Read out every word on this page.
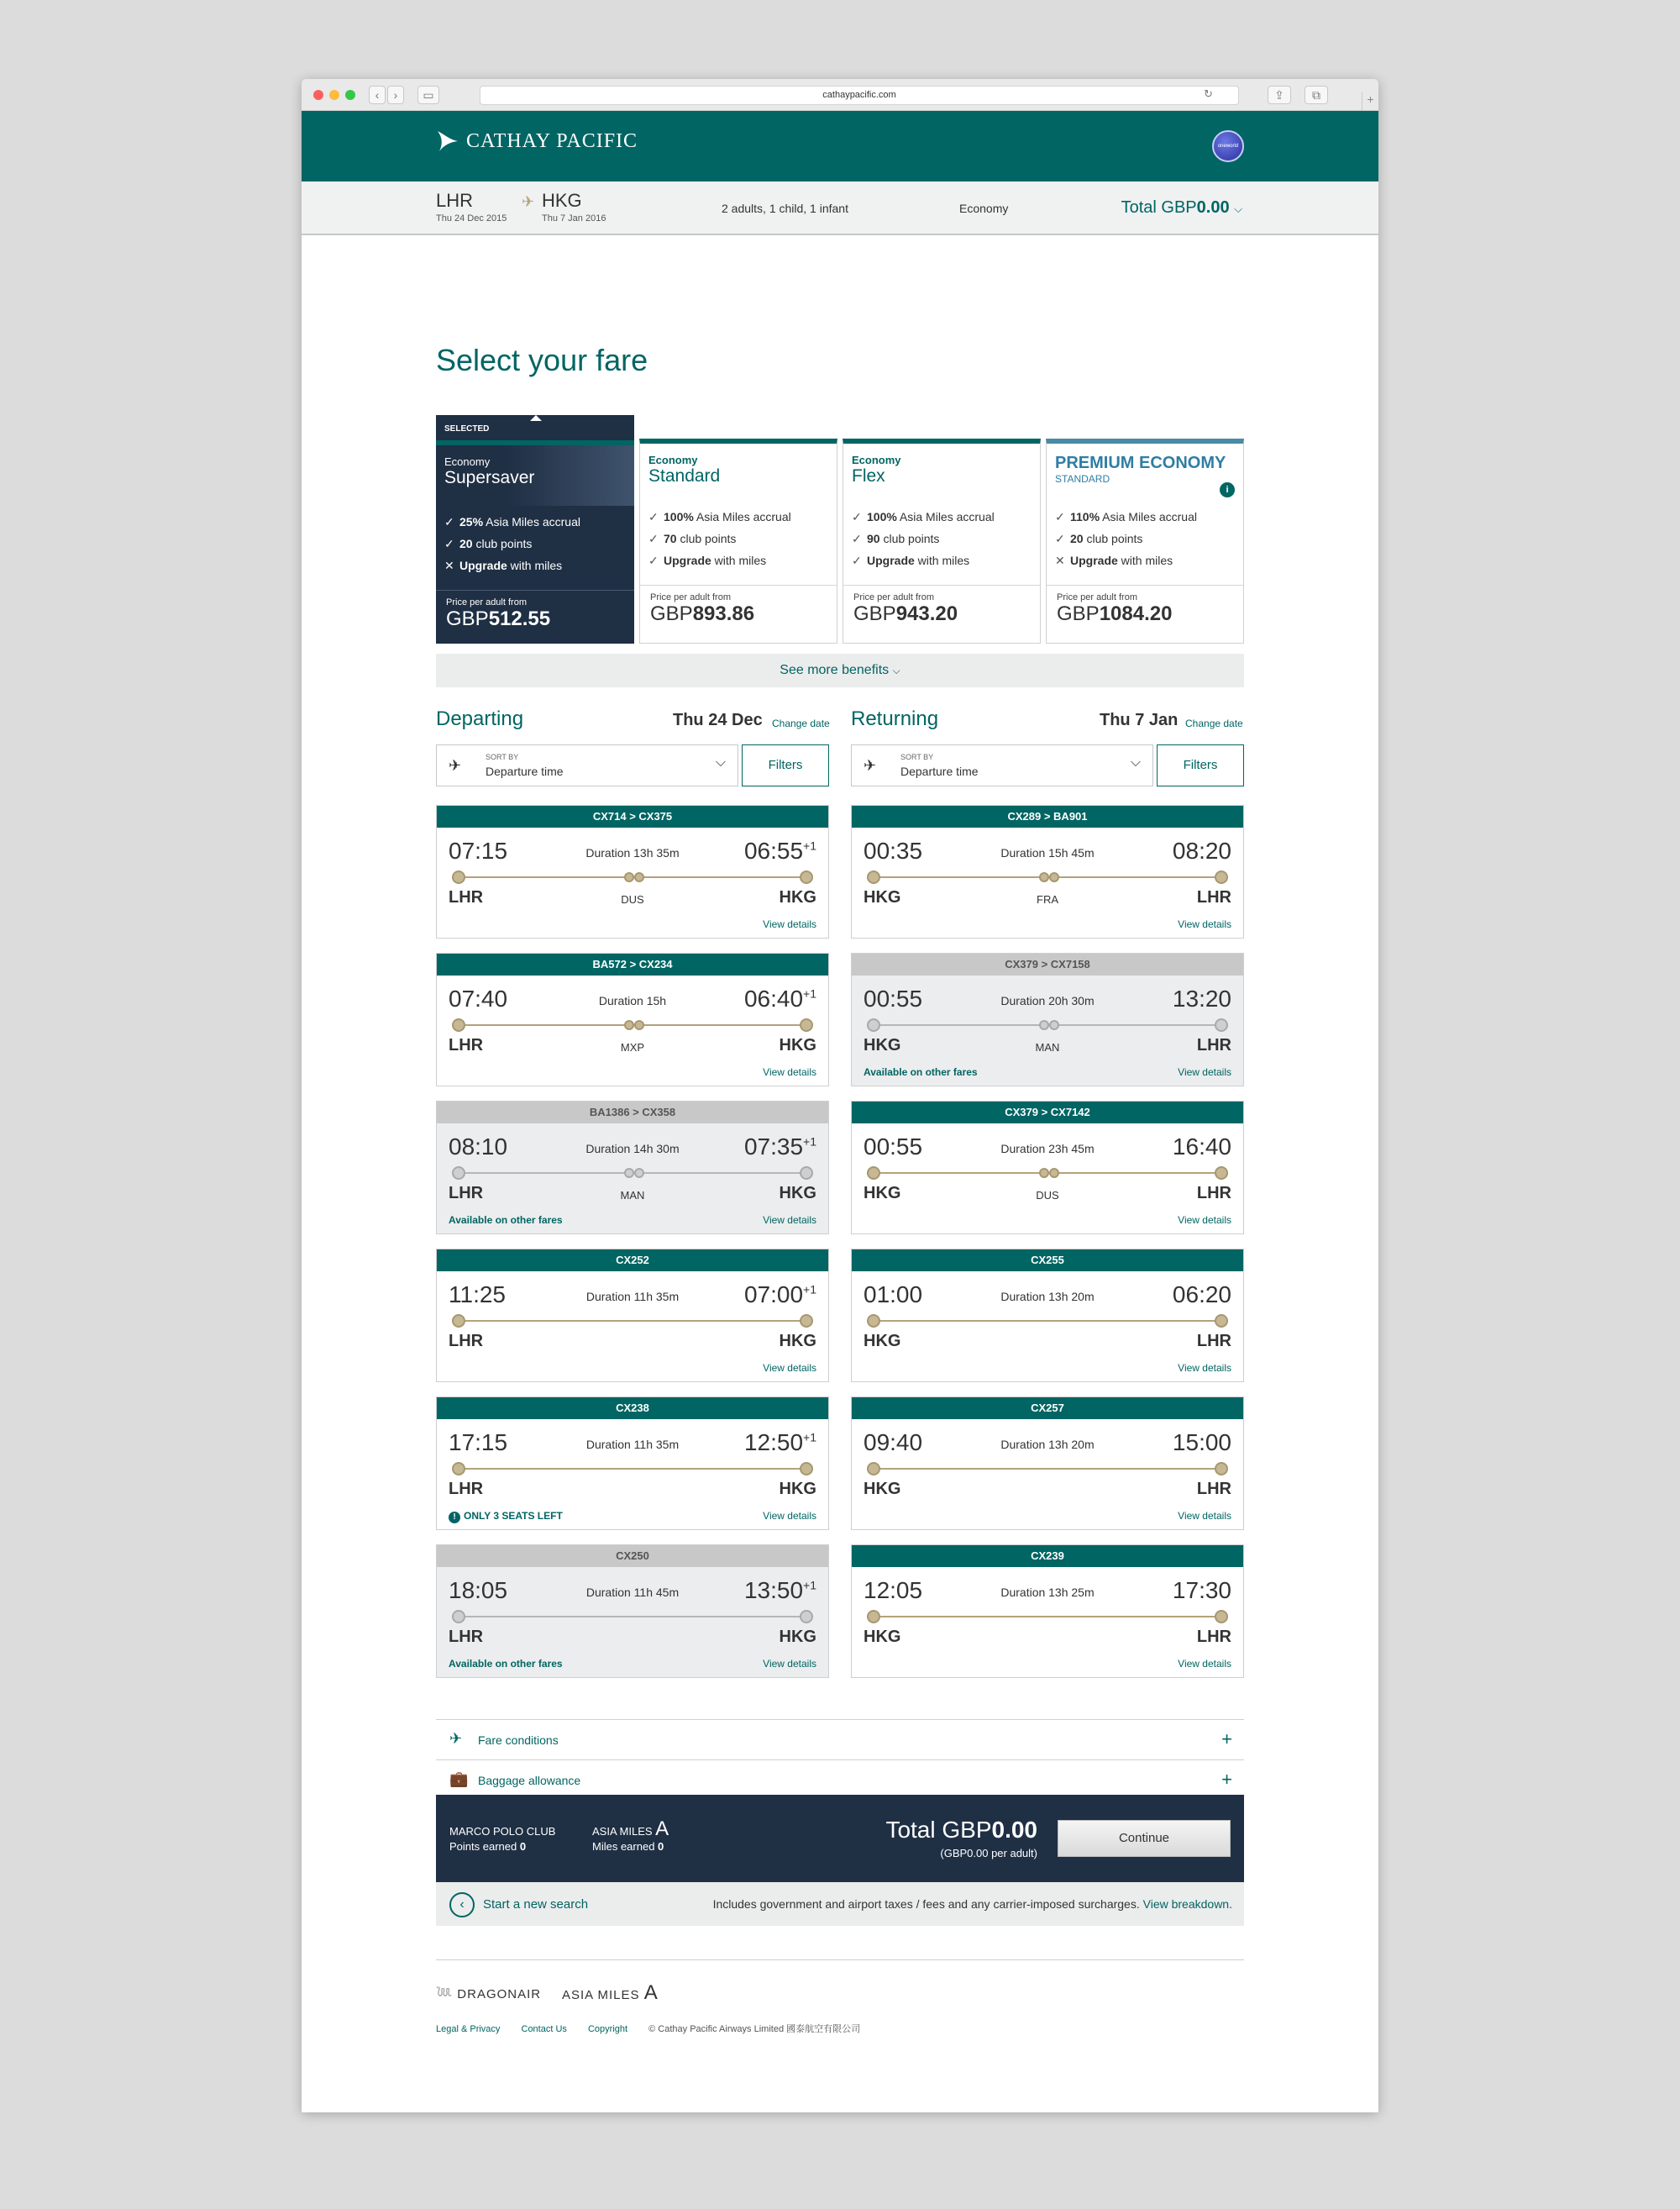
‹	›	▭	cathaypacific.com	↻	⇪	⧉	+
CATHAY PACIFIC	oneworld
LHR
Thu 24 Dec 2015
✈ HKG
Thu 7 Jan 2016
2 adults, 1 child, 1 infant	Economy	Total GBP0.00 ⌵
Select your fare
SELECTED
Economy
Supersaver
✓ 25% Asia Miles accrual
✓ 20 club points
✕ Upgrade with miles
Price per adult from
GBP512.55
Economy
Standard
✓ 100% Asia Miles accrual
✓ 70 club points
✓ Upgrade with miles
Price per adult from
GBP893.86
Economy
Flex
✓ 100% Asia Miles accrual
✓ 90 club points
✓ Upgrade with miles
Price per adult from
GBP943.20
PREMIUM ECONOMY
STANDARD
i
✓ 110% Asia Miles accrual
✓ 20 club points
✕ Upgrade with miles
Price per adult from
GBP1084.20
See more benefits ⌵
Departing	Thu 24 Dec Change date
✈	SORT BY
Departure time
⌵	Filters
Returning	Thu 7 Jan Change date
✈	SORT BY
Departure time
⌵	Filters
CX714 > CX375
07:15	Duration 13h 35m	$06:55^{+1}$
DUS
LHR	HKG
View details
BA572 > CX234
07:40	Duration 15h	$06:40^{+1}$
MXP
LHR	HKG
View details
BA1386 > CX358
08:10	Duration 14h 30m	$07:35^{+1}$
MAN
LHR	HKG
Available on other fares	View details
CX252
11:25	Duration 11h 35m	$07:00^{+1}$
LHR	HKG
View details
CX238
17:15	Duration 11h 35m	$12:50^{+1}$
LHR	HKG
! ONLY 3 SEATS LEFT	View details
CX250
18:05	Duration 11h 45m	$13:50^{+1}$
LHR	HKG
Available on other fares	View details
CX289 > BA901
00:35	Duration 15h 45m	08:20
FRA
HKG	LHR
View details
CX379 > CX7158
00:55	Duration 20h 30m	13:20
MAN
HKG	LHR
Available on other fares	View details
CX379 > CX7142
00:55	Duration 23h 45m	16:40
DUS
HKG	LHR
View details
CX255
01:00	Duration 13h 20m	06:20
HKG	LHR
View details
CX257
09:40	Duration 13h 20m	15:00
HKG	LHR
View details
CX239
12:05	Duration 13h 25m	17:30
HKG	LHR
View details
✈ Fare conditions	+
💼 Baggage allowance	+
MARCO POLO CLUB
Points earned 0
ASIA MILES A
Miles earned 0
Total GBP0.00
(GBP0.00 per adult)
Continue
‹	Start a new search	Includes government and airport taxes / fees and any carrier-imposed surcharges. View breakdown.
𓆙 DRAGONAIR ASIA MILES A
Legal & Privacy Contact Us Copyright © Cathay Pacific Airways Limited 國泰航空有限公司
